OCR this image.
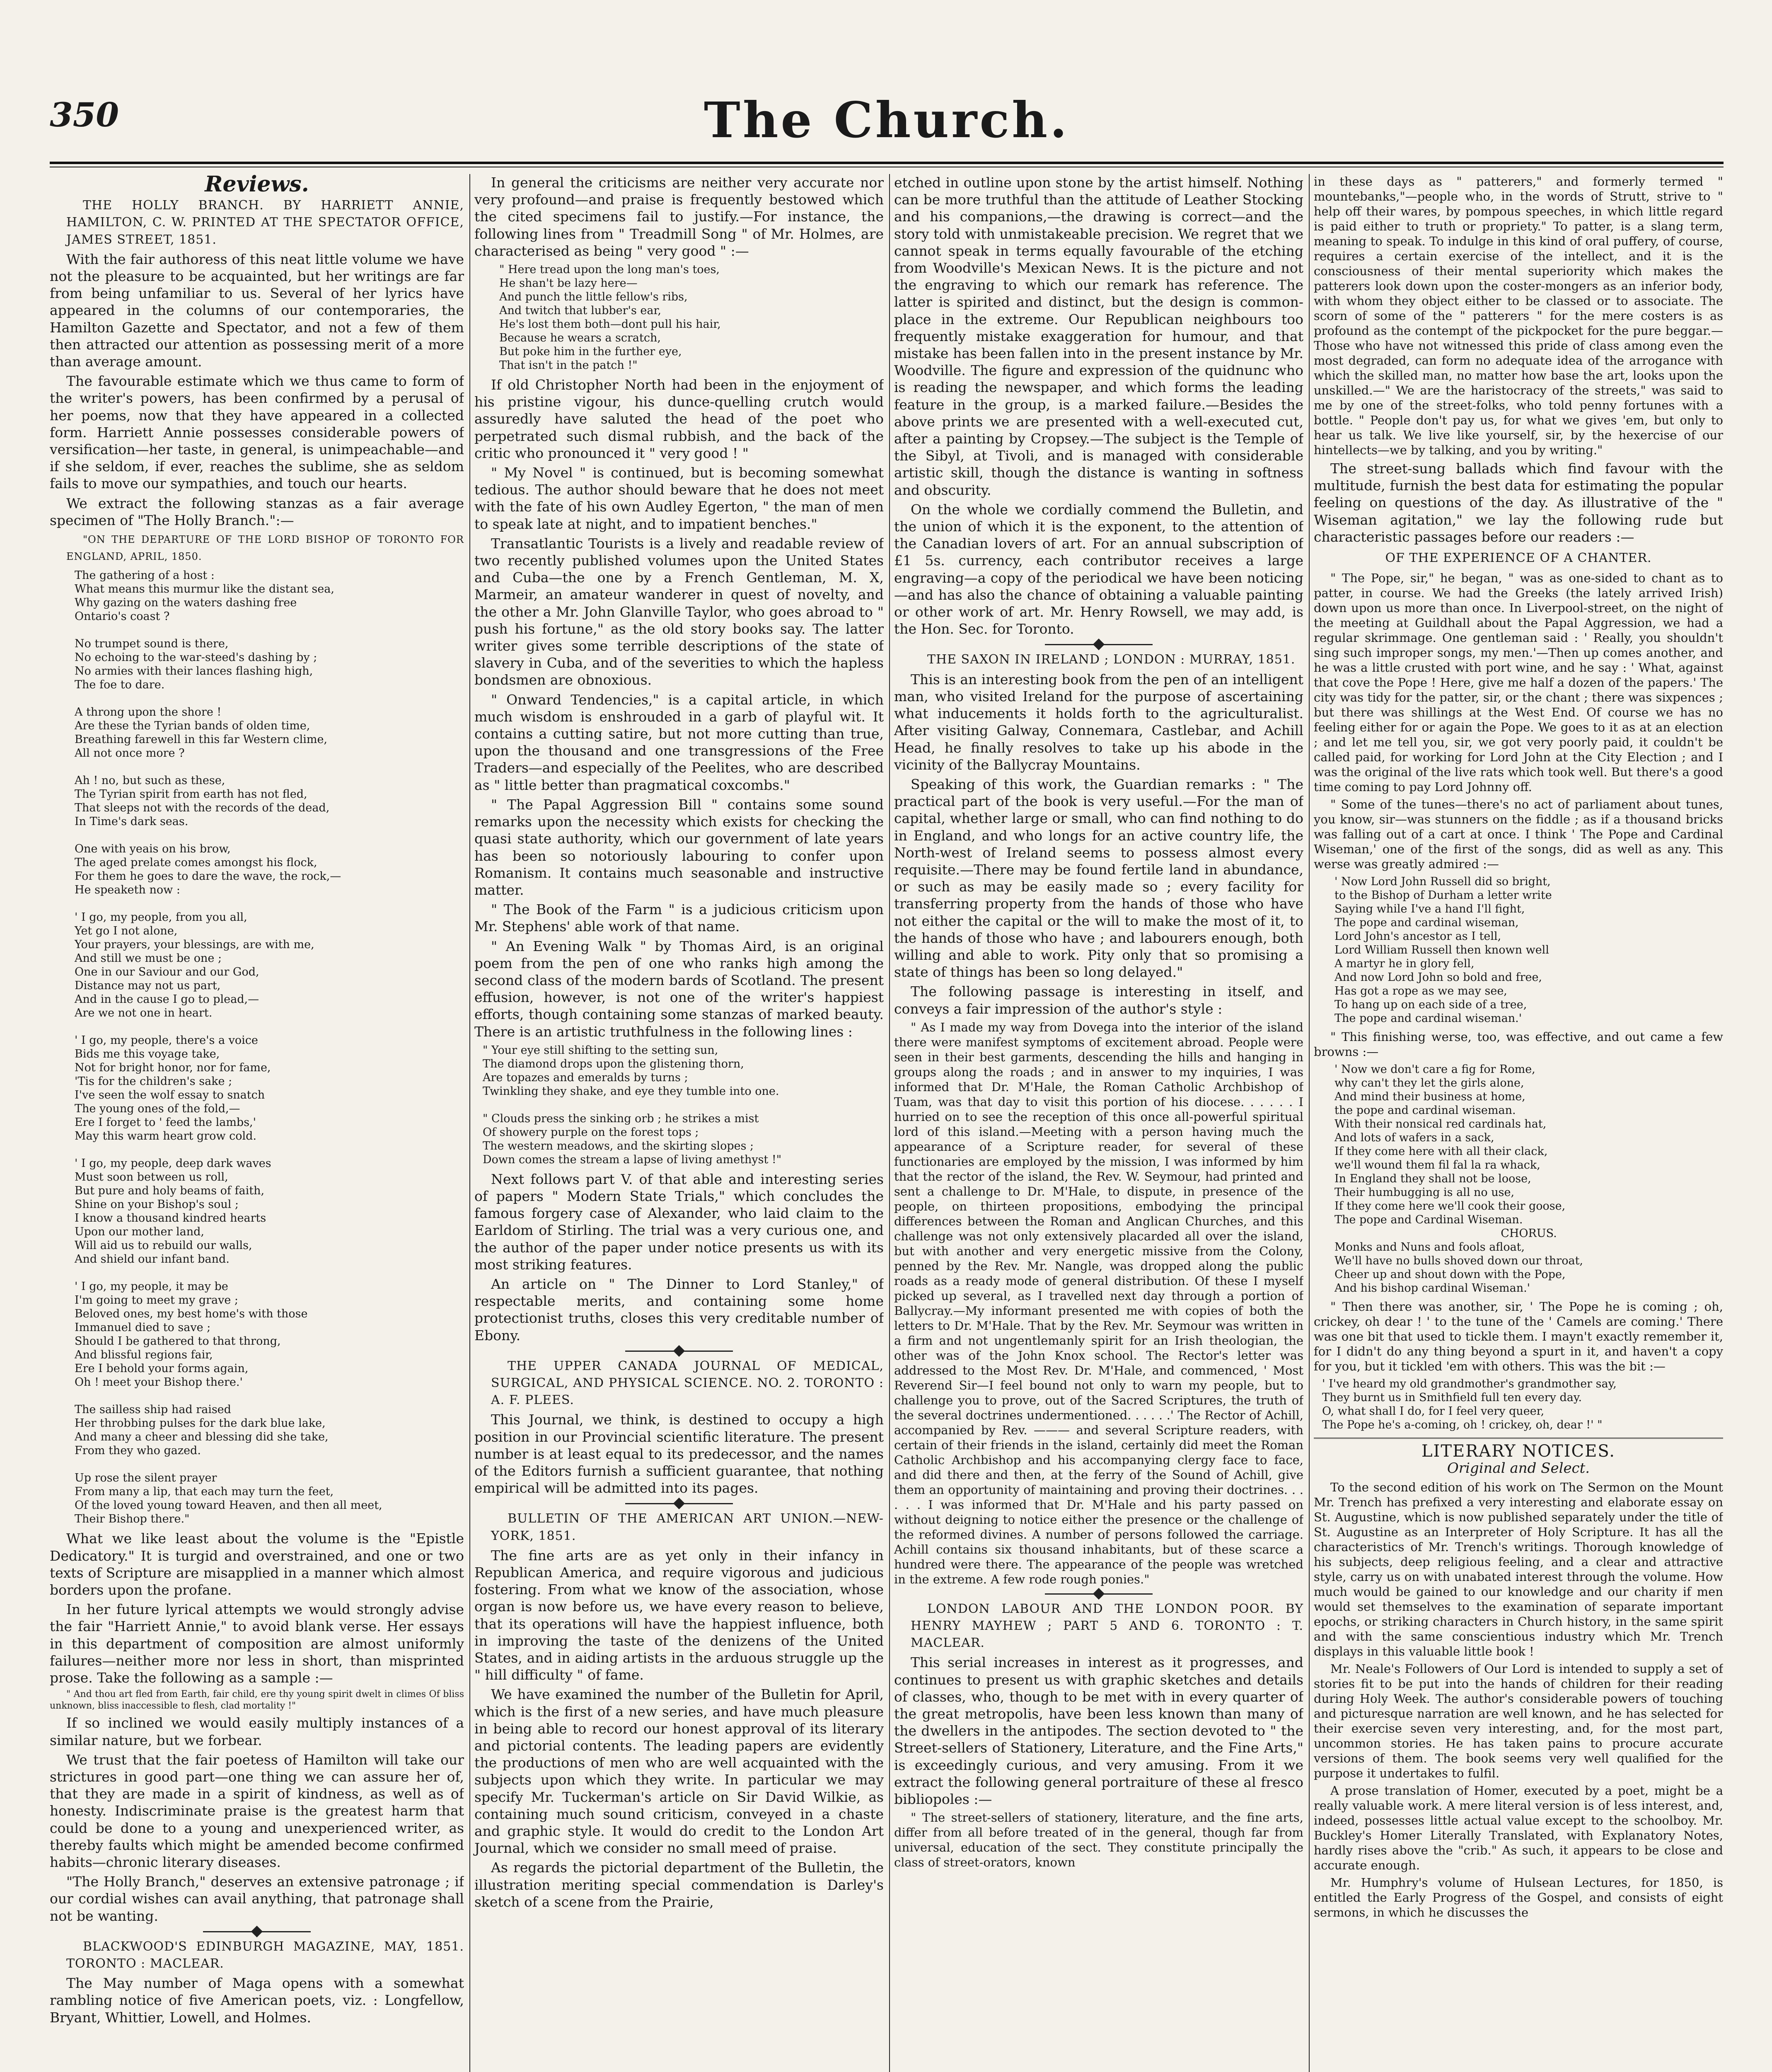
350	The Church.
Reviews.

THE HOLLY BRANCH. BY HARRIETT ANNIE, HAMILTON, C. W. PRINTED AT THE SPECTATOR OFFICE, JAMES STREET, 1851.

With the fair authoress of this neat little volume we have not the pleasure to be acquainted, but her writings are far from being unfamiliar to us. Several of her lyrics have appeared in the columns of our contemporaries, the Hamilton Gazette and Spectator, and not a few of them then attracted our attention as possessing merit of a more than average amount.

The favourable estimate which we thus came to form of the writer's powers, has been confirmed by a perusal of her poems, now that they have appeared in a collected form. Harriett Annie possesses considerable powers of versification—her taste, in general, is unimpeachable—and if she seldom, if ever, reaches the sublime, she as seldom fails to move our sympathies, and touch our hearts.

We extract the following stanzas as a fair average specimen of "The Holly Branch.":—

"ON THE DEPARTURE OF THE LORD BISHOP OF TORONTO FOR ENGLAND, APRIL, 1850.

The gathering of a host :
What means this murmur like the distant sea,
Why gazing on the waters dashing free
Ontario's coast ?

No trumpet sound is there,
No echoing to the war-steed's dashing by ;
No armies with their lances flashing high,
The foe to dare.

A throng upon the shore !
Are these the Tyrian bands of olden time,
Breathing farewell in this far Western clime,
All not once more ?

Ah ! no, but such as these,
The Tyrian spirit from earth has not fled,
That sleeps not with the records of the dead,
In Time's dark seas.

One with yeais on his brow,
The aged prelate comes amongst his flock,
For them he goes to dare the wave, the rock,—
He speaketh now :

' I go, my people, from you all,
Yet go I not alone,
Your prayers, your blessings, are with me,
And still we must be one ;
One in our Saviour and our God,
Distance may not us part,
And in the cause I go to plead,—
Are we not one in heart.

' I go, my people, there's a voice
Bids me this voyage take,
Not for bright honor, nor for fame,
'Tis for the children's sake ;
I've seen the wolf essay to snatch
The young ones of the fold,—
Ere I forget to ' feed the lambs,'
May this warm heart grow cold.

' I go, my people, deep dark waves
Must soon between us roll,
But pure and holy beams of faith,
Shine on your Bishop's soul ;
I know a thousand kindred hearts
Upon our mother land,
Will aid us to rebuild our walls,
And shield our infant band.

' I go, my people, it may be
I'm going to meet my grave ;
Beloved ones, my best home's with those
Immanuel died to save ;
Should I be gathered to that throng,
And blissful regions fair,
Ere I behold your forms again,
Oh ! meet your Bishop there.'

The sailless ship had raised
Her throbbing pulses for the dark blue lake,
And many a cheer and blessing did she take,
From they who gazed.

Up rose the silent prayer
From many a lip, that each may turn the feet,
Of the loved young toward Heaven, and then all meet,
Their Bishop there."

What we like least about the volume is the "Epistle Dedicatory." It is turgid and overstrained, and one or two texts of Scripture are misapplied in a manner which almost borders upon the profane.

In her future lyrical attempts we would strongly advise the fair "Harriett Annie," to avoid blank verse. Her essays in this department of composition are almost uniformly failures—neither more nor less in short, than misprinted prose. Take the following as a sample :—

" And thou art fled from Earth, fair child, ere thy young spirit dwelt in climes Of bliss unknown, bliss inaccessible to flesh, clad mortality !"

If so inclined we would easily multiply instances of a similar nature, but we forbear.

We trust that the fair poetess of Hamilton will take our strictures in good part—one thing we can assure her of, that they are made in a spirit of kindness, as well as of honesty. Indiscriminate praise is the greatest harm that could be done to a young and unexperienced writer, as thereby faults which might be amended become confirmed habits—chronic literary diseases.

"The Holly Branch," deserves an extensive patronage ; if our cordial wishes can avail anything, that patronage shall not be wanting.

BLACKWOOD'S EDINBURGH MAGAZINE, MAY, 1851. TORONTO : MACLEAR.

The May number of Maga opens with a somewhat rambling notice of five American poets, viz. : Longfellow, Bryant, Whittier, Lowell, and Holmes.

In general the criticisms are neither very accurate nor very profound—and praise is frequently bestowed which the cited specimens fail to justify.—For instance, the following lines from " Treadmill Song " of Mr. Holmes, are characterised as being " very good " :—

" Here tread upon the long man's toes,
He shan't be lazy here—
And punch the little fellow's ribs,
And twitch that lubber's ear,
He's lost them both—dont pull his hair,
Because he wears a scratch,
But poke him in the further eye,
That isn't in the patch !"

If old Christopher North had been in the enjoyment of his pristine vigour, his dunce-quelling crutch would assuredly have saluted the head of the poet who perpetrated such dismal rubbish, and the back of the critic who pronounced it " very good ! "

" My Novel " is continued, but is becoming somewhat tedious. The author should beware that he does not meet with the fate of his own Audley Egerton, " the man of men to speak late at night, and to impatient benches."

Transatlantic Tourists is a lively and readable review of two recently published volumes upon the United States and Cuba—the one by a French Gentleman, M. X, Marmeir, an amateur wanderer in quest of novelty, and the other a Mr. John Glanville Taylor, who goes abroad to " push his fortune," as the old story books say. The latter writer gives some terrible descriptions of the state of slavery in Cuba, and of the severities to which the hapless bondsmen are obnoxious.

" Onward Tendencies," is a capital article, in which much wisdom is enshrouded in a garb of playful wit. It contains a cutting satire, but not more cutting than true, upon the thousand and one transgressions of the Free Traders—and especially of the Peelites, who are described as " little better than pragmatical coxcombs."

" The Papal Aggression Bill " contains some sound remarks upon the necessity which exists for checking the quasi state authority, which our government of late years has been so notoriously labouring to confer upon Romanism. It contains much seasonable and instructive matter.

" The Book of the Farm " is a judicious criticism upon Mr. Stephens' able work of that name.

" An Evening Walk " by Thomas Aird, is an original poem from the pen of one who ranks high among the second class of the modern bards of Scotland. The present effusion, however, is not one of the writer's happiest efforts, though containing some stanzas of marked beauty. There is an artistic truthfulness in the following lines :

" Your eye still shifting to the setting sun,
The diamond drops upon the glistening thorn,
Are topazes and emeralds by turns ;
Twinkling they shake, and eye they tumble into one.

" Clouds press the sinking orb ; he strikes a mist
Of showery purple on the forest tops ;
The western meadows, and the skirting slopes ;
Down comes the stream a lapse of living amethyst !"

Next follows part V. of that able and interesting series of papers " Modern State Trials," which concludes the famous forgery case of Alexander, who laid claim to the Earldom of Stirling. The trial was a very curious one, and the author of the paper under notice presents us with its most striking features.

An article on " The Dinner to Lord Stanley," of respectable merits, and containing some home protectionist truths, closes this very creditable number of Ebony.

THE UPPER CANADA JOURNAL OF MEDICAL, SURGICAL, AND PHYSICAL SCIENCE. NO. 2. TORONTO : A. F. PLEES.

This Journal, we think, is destined to occupy a high position in our Provincial scientific literature. The present number is at least equal to its predecessor, and the names of the Editors furnish a sufficient guarantee, that nothing empirical will be admitted into its pages.

BULLETIN OF THE AMERICAN ART UNION.—NEW-YORK, 1851.

The fine arts are as yet only in their infancy in Republican America, and require vigorous and judicious fostering. From what we know of the association, whose organ is now before us, we have every reason to believe, that its operations will have the happiest influence, both in improving the taste of the denizens of the United States, and in aiding artists in the arduous struggle up the " hill difficulty " of fame.

We have examined the number of the Bulletin for April, which is the first of a new series, and have much pleasure in being able to record our honest approval of its literary and pictorial contents. The leading papers are evidently the productions of men who are well acquainted with the subjects upon which they write. In particular we may specify Mr. Tuckerman's article on Sir David Wilkie, as containing much sound criticism, conveyed in a chaste and graphic style. It would do credit to the London Art Journal, which we consider no small meed of praise.

As regards the pictorial department of the Bulletin, the illustration meriting special commendation is Darley's sketch of a scene from the Prairie,

etched in outline upon stone by the artist himself. Nothing can be more truthful than the attitude of Leather Stocking and his companions,—the drawing is correct—and the story told with unmistakeable precision. We regret that we cannot speak in terms equally favourable of the etching from Woodville's Mexican News. It is the picture and not the engraving to which our remark has reference. The latter is spirited and distinct, but the design is common-place in the extreme. Our Republican neighbours too frequently mistake exaggeration for humour, and that mistake has been fallen into in the present instance by Mr. Woodville. The figure and expression of the quidnunc who is reading the newspaper, and which forms the leading feature in the group, is a marked failure.—Besides the above prints we are presented with a well-executed cut, after a painting by Cropsey.—The subject is the Temple of the Sibyl, at Tivoli, and is managed with considerable artistic skill, though the distance is wanting in softness and obscurity.

On the whole we cordially commend the Bulletin, and the union of which it is the exponent, to the attention of the Canadian lovers of art. For an annual subscription of £1 5s. currency, each contributor receives a large engraving—a copy of the periodical we have been noticing—and has also the chance of obtaining a valuable painting or other work of art. Mr. Henry Rowsell, we may add, is the Hon. Sec. for Toronto.

THE SAXON IN IRELAND ; LONDON : MURRAY, 1851.

This is an interesting book from the pen of an intelligent man, who visited Ireland for the purpose of ascertaining what inducements it holds forth to the agriculturalist. After visiting Galway, Connemara, Castlebar, and Achill Head, he finally resolves to take up his abode in the vicinity of the Ballycray Mountains.

Speaking of this work, the Guardian remarks : " The practical part of the book is very useful.—For the man of capital, whether large or small, who can find nothing to do in England, and who longs for an active country life, the North-west of Ireland seems to possess almost every requisite.—There may be found fertile land in abundance, or such as may be easily made so ; every facility for transferring property from the hands of those who have not either the capital or the will to make the most of it, to the hands of those who have ; and labourers enough, both willing and able to work. Pity only that so promising a state of things has been so long delayed."

The following passage is interesting in itself, and conveys a fair impression of the author's style :

" As I made my way from Dovega into the interior of the island there were manifest symptoms of excitement abroad. People were seen in their best garments, descending the hills and hanging in groups along the roads ; and in answer to my inquiries, I was informed that Dr. M'Hale, the Roman Catholic Archbishop of Tuam, was that day to visit this portion of his diocese. . . . . . I hurried on to see the reception of this once all-powerful spiritual lord of this island.—Meeting with a person having much the appearance of a Scripture reader, for several of these functionaries are employed by the mission, I was informed by him that the rector of the island, the Rev. W. Seymour, had printed and sent a challenge to Dr. M'Hale, to dispute, in presence of the people, on thirteen propositions, embodying the principal differences between the Roman and Anglican Churches, and this challenge was not only extensively placarded all over the island, but with another and very energetic missive from the Colony, penned by the Rev. Mr. Nangle, was dropped along the public roads as a ready mode of general distribution. Of these I myself picked up several, as I travelled next day through a portion of Ballycray.—My informant presented me with copies of both the letters to Dr. M'Hale. That by the Rev. Mr. Seymour was written in a firm and not ungentlemanly spirit for an Irish theologian, the other was of the John Knox school. The Rector's letter was addressed to the Most Rev. Dr. M'Hale, and commenced, ' Most Reverend Sir—I feel bound not only to warn my people, but to challenge you to prove, out of the Sacred Scriptures, the truth of the several doctrines undermentioned. . . . . .' The Rector of Achill, accompanied by Rev. ——— and several Scripture readers, with certain of their friends in the island, certainly did meet the Roman Catholic Archbishop and his accompanying clergy face to face, and did there and then, at the ferry of the Sound of Achill, give them an opportunity of maintaining and proving their doctrines. . . . . . I was informed that Dr. M'Hale and his party passed on without deigning to notice either the presence or the challenge of the reformed divines. A number of persons followed the carriage. Achill contains six thousand inhabitants, but of these scarce a hundred were there. The appearance of the people was wretched in the extreme. A few rode rough ponies."

LONDON LABOUR AND THE LONDON POOR. BY HENRY MAYHEW ; PART 5 AND 6. TORONTO : T. MACLEAR.

This serial increases in interest as it progresses, and continues to present us with graphic sketches and details of classes, who, though to be met with in every quarter of the great metropolis, have been less known than many of the dwellers in the antipodes. The section devoted to " the Street-sellers of Stationery, Literature, and the Fine Arts," is exceedingly curious, and very amusing. From it we extract the following general portraiture of these al fresco bibliopoles :—

" The street-sellers of stationery, literature, and the fine arts, differ from all before treated of in the general, though far from universal, education of the sect. They constitute principally the class of street-orators, known

in these days as " patterers," and formerly termed " mountebanks,"—people who, in the words of Strutt, strive to " help off their wares, by pompous speeches, in which little regard is paid either to truth or propriety." To patter, is a slang term, meaning to speak. To indulge in this kind of oral puffery, of course, requires a certain exercise of the intellect, and it is the consciousness of their mental superiority which makes the patterers look down upon the coster-mongers as an inferior body, with whom they object either to be classed or to associate. The scorn of some of the " patterers " for the mere costers is as profound as the contempt of the pickpocket for the pure beggar.—Those who have not witnessed this pride of class among even the most degraded, can form no adequate idea of the arrogance with which the skilled man, no matter how base the art, looks upon the unskilled.—" We are the haristocracy of the streets," was said to me by one of the street-folks, who told penny fortunes with a bottle. " People don't pay us, for what we gives 'em, but only to hear us talk. We live like yourself, sir, by the hexercise of our hintellects—we by talking, and you by writing."

The street-sung ballads which find favour with the multitude, furnish the best data for estimating the popular feeling on questions of the day. As illustrative of the " Wiseman agitation," we lay the following rude but characteristic passages before our readers :—

OF THE EXPERIENCE OF A CHANTER.

" The Pope, sir," he began, " was as one-sided to chant as to patter, in course. We had the Greeks (the lately arrived Irish) down upon us more than once. In Liverpool-street, on the night of the meeting at Guildhall about the Papal Aggression, we had a regular skrimmage. One gentleman said : ' Really, you shouldn't sing such improper songs, my men.'—Then up comes another, and he was a little crusted with port wine, and he say : ' What, against that cove the Pope ! Here, give me half a dozen of the papers.' The city was tidy for the patter, sir, or the chant ; there was sixpences ; but there was shillings at the West End. Of course we has no feeling either for or again the Pope. We goes to it as at an election ; and let me tell you, sir, we got very poorly paid, it couldn't be called paid, for working for Lord John at the City Election ; and I was the original of the live rats which took well. But there's a good time coming to pay Lord Johnny off.

" Some of the tunes—there's no act of parliament about tunes, you know, sir—was stunners on the fiddle ; as if a thousand bricks was falling out of a cart at once. I think ' The Pope and Cardinal Wiseman,' one of the first of the songs, did as well as any. This werse was greatly admired :—

' Now Lord John Russell did so bright,
to the Bishop of Durham a letter write
Saying while I've a hand I'll fight,
The pope and cardinal wiseman,
Lord John's ancestor as I tell,
Lord William Russell then known well
A martyr he in glory fell,
And now Lord John so bold and free,
Has got a rope as we may see,
To hang up on each side of a tree,
The pope and cardinal wiseman.'

" This finishing werse, too, was effective, and out came a few browns :—

' Now we don't care a fig for Rome,
why can't they let the girls alone,
And mind their business at home,
the pope and cardinal wiseman.
With their nonsical red cardinals hat,
And lots of wafers in a sack,
If they come here with all their clack,
we'll wound them fil fal la ra whack,
In England they shall not be loose,
Their humbugging is all no use,
If they come here we'll cook their goose,
The pope and Cardinal Wiseman.
CHORUS.
Monks and Nuns and fools afloat,
We'll have no bulls shoved down our throat,
Cheer up and shout down with the Pope,
And his bishop cardinal Wiseman.'

" Then there was another, sir, ' The Pope he is coming ; oh, crickey, oh dear ! ' to the tune of the ' Camels are coming.' There was one bit that used to tickle them. I mayn't exactly remember it, for I didn't do any thing beyond a spurt in it, and haven't a copy for you, but it tickled 'em with others. This was the bit :—

' I've heard my old grandmother's grandmother say,
They burnt us in Smithfield full ten every day.
O, what shall I do, for I feel very queer,
The Pope he's a-coming, oh ! crickey, oh, dear !' "
LITERARY NOTICES.
Original and Select.

To the second edition of his work on The Sermon on the Mount Mr. Trench has prefixed a very interesting and elaborate essay on St. Augustine, which is now published separately under the title of St. Augustine as an Interpreter of Holy Scripture. It has all the characteristics of Mr. Trench's writings. Thorough knowledge of his subjects, deep religious feeling, and a clear and attractive style, carry us on with unabated interest through the volume. How much would be gained to our knowledge and our charity if men would set themselves to the examination of separate important epochs, or striking characters in Church history, in the same spirit and with the same conscientious industry which Mr. Trench displays in this valuable little book !

Mr. Neale's Followers of Our Lord is intended to supply a set of stories fit to be put into the hands of children for their reading during Holy Week. The author's considerable powers of touching and picturesque narration are well known, and he has selected for their exercise seven very interesting, and, for the most part, uncommon stories. He has taken pains to procure accurate versions of them. The book seems very well qualified for the purpose it undertakes to fulfil.

A prose translation of Homer, executed by a poet, might be a really valuable work. A mere literal version is of less interest, and, indeed, possesses little actual value except to the schoolboy. Mr. Buckley's Homer Literally Translated, with Explanatory Notes, hardly rises above the "crib." As such, it appears to be close and accurate enough.

Mr. Humphry's volume of Hulsean Lectures, for 1850, is entitled the Early Progress of the Gospel, and consists of eight sermons, in which he discusses the
